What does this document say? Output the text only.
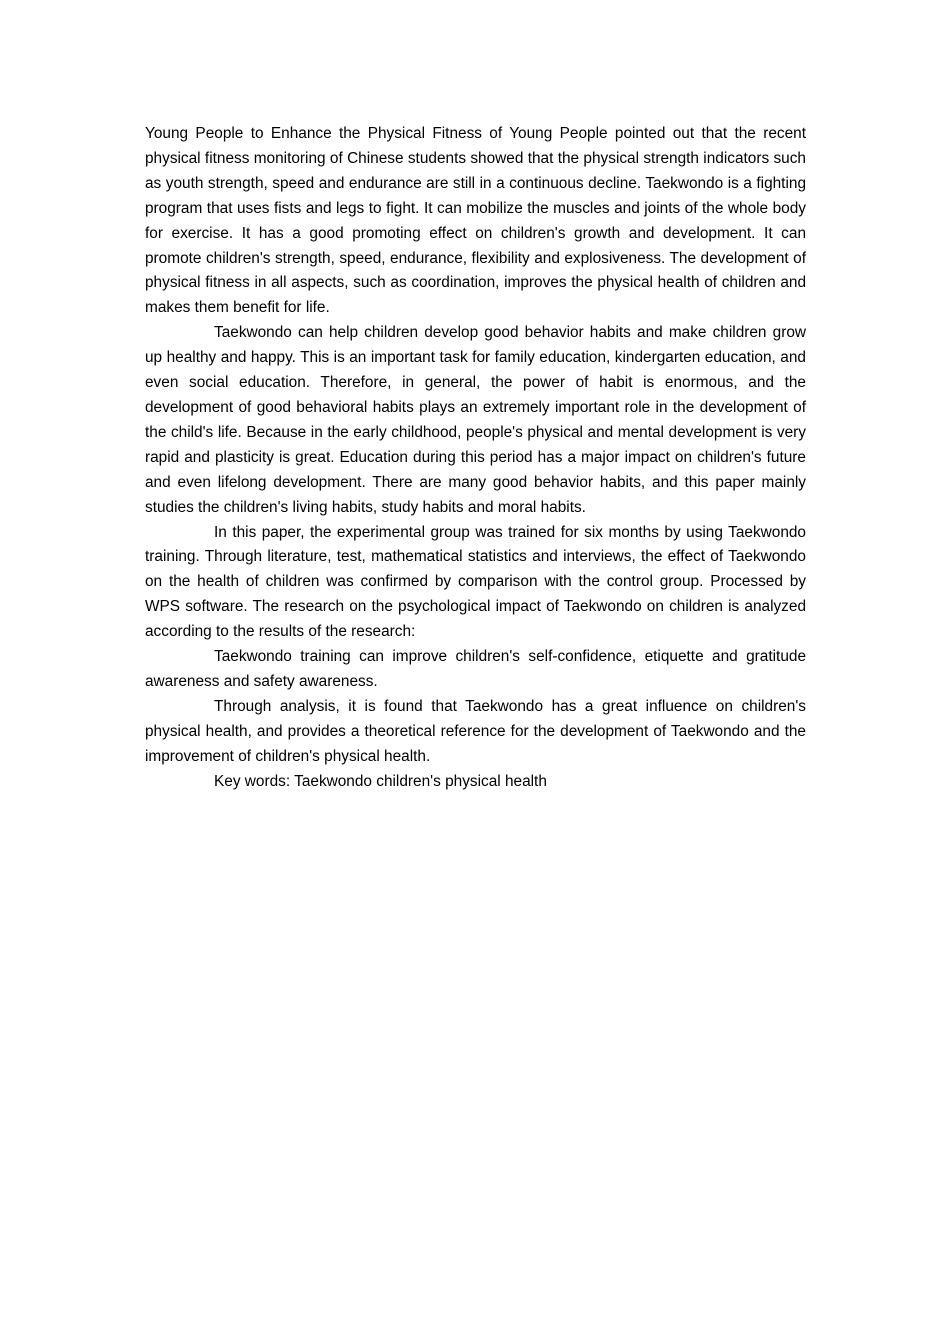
Young People to Enhance the Physical Fitness of Young People pointed out that the recent physical fitness monitoring of Chinese students showed that the physical strength indicators such as youth strength, speed and endurance are still in a continuous decline. Taekwondo is a fighting program that uses fists and legs to fight. It can mobilize the muscles and joints of the whole body for exercise. It has a good promoting effect on children's growth and development. It can promote children's strength, speed, endurance, flexibility and explosiveness. The development of physical fitness in all aspects, such as coordination, improves the physical health of children and makes them benefit for life.

Taekwondo can help children develop good behavior habits and make children grow up healthy and happy. This is an important task for family education, kindergarten education, and even social education. Therefore, in general, the power of habit is enormous, and the development of good behavioral habits plays an extremely important role in the development of the child's life. Because in the early childhood, people's physical and mental development is very rapid and plasticity is great. Education during this period has a major impact on children's future and even lifelong development. There are many good behavior habits, and this paper mainly studies the children's living habits, study habits and moral habits.

In this paper, the experimental group was trained for six months by using Taekwondo training. Through literature, test, mathematical statistics and interviews, the effect of Taekwondo on the health of children was confirmed by comparison with the control group. Processed by WPS software. The research on the psychological impact of Taekwondo on children is analyzed according to the results of the research:

Taekwondo training can improve children's self-confidence, etiquette and gratitude awareness and safety awareness.

Through analysis, it is found that Taekwondo has a great influence on children's physical health, and provides a theoretical reference for the development of Taekwondo and the improvement of children's physical health.

Key words: Taekwondo children's physical health
